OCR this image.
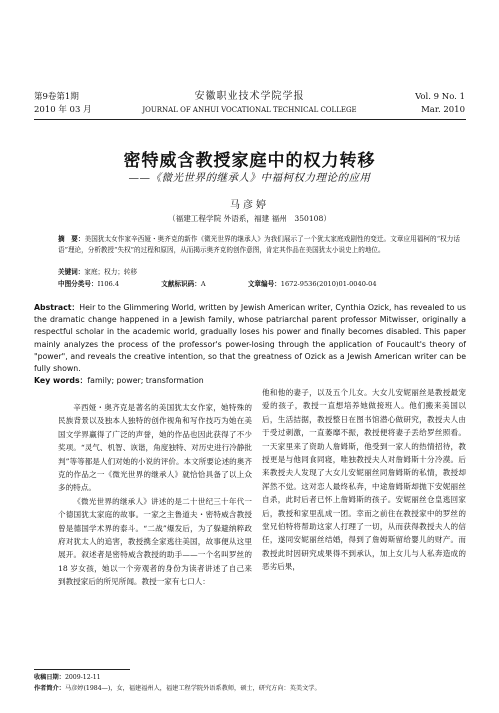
第9卷第1期
2010 年 03 月
安徽职业技术学院学报
JOURNAL OF ANHUI VOCATIONAL TECHNICAL COLLEGE
Vol. 9 No. 1
Mar. 2010
密特威含教授家庭中的权力转移
——《微光世界的继承人》中福柯权力理论的应用
马彦婷
（福建工程学院 外语系，福建 福州　350108）
摘　要：美国犹太女作家辛西娅・奥齐克的新作《微光世界的继承人》为我们展示了一个犹太家庭戏剧性的变迁。文章应用福柯的“权力话语”理论，分析教授“失权”的过程和原因，从而揭示奥齐克的创作意图，肯定其作品在美国犹太小说史上的地位。
关键词：家庭；权力；转移
中图分类号：I106.4	文献标识码：A	文章编号：1672-9536(2010)01-0040-04
Abstract：Heir to the Glimmering World, written by Jewish American writer, Cynthia Ozick, has revealed to us the dramatic change happened in a Jewish family, whose patriarchal parent professor Mitwisser, originally a respectful scholar in the academic world, gradually loses his power and finally becomes disabled. This paper mainly analyzes the process of the professor's power-losing through the application of Foucault's theory of "power", and reveals the creative intention, so that the greatness of Ozick as a Jewish American writer can be fully shown.
Key words：family; power; transformation

辛西娅・奥齐克是著名的美国犹太女作家，她特殊的民族背景以及独本人独特的创作视角和写作技巧为她在美国文学界赢得了广泛的声誉，她的作品也因此获得了不少奖项。“灵气、机智、诙谐，角度独特、对历史进行冷静批判”等等都是人们对她的小说的评价。本文所要论述的奥齐克的作品之一《微光世界的继承人》就恰恰具备了以上众多的特点。

《微光世界的继承人》讲述的是二十世纪三十年代一个德国犹太家庭的故事。一家之主鲁道夫・密特威含教授曾是德国学术界的泰斗。“二战”爆发后，为了躲避纳粹政府对犹太人的追害，教授携全家逃往美国，故事便从这里展开。叙述者是密特威含教授的助手——一个名叫罗丝的 18 岁女孩，她以一个旁观者的身份为读者讲述了自己来到教授家后的所见所闻。教授一家有七口人：

他和他的妻子，以及五个儿女。大女儿安妮丽丝是教授最宠爱的孩子，教授一直想培养她做接班人。他们搬来美国以后，生活拮据，教授整日在图书馆潜心做研究，教授夫人由于受过刺激，一直萎靡不振，教授便将妻子丢给罗丝照看。一天家里来了资助人詹姆斯，他受到一家人的热情招待，教授更是与他同食同寝，唯独教授夫人对詹姆斯十分冷漠。后来教授夫人发现了大女儿安妮丽丝同詹姆斯的私情，教授却浑然不觉。这对恋人最终私奔，中途詹姆斯却抛下安妮丽丝自杀，此时后者已怀上詹姆斯的孩子。安妮丽丝仓皇逃回家后，教授和家里乱成一团。幸而之前住在教授家中的罗丝的堂兄伯特将帮助这家人打理了一切，从而获得教授夫人的信任，遂同安妮丽丝结婚，得到了詹姆斯留给婴儿的财产。而教授此时因研究成果得不到承认，加上女儿与人私奔造成的恶劣后果，

收稿日期：2009-12-11
作者简介：马彦婷(1984—)，女，福建福州人，福建工程学院外语系教师，硕士，研究方向：英美文学。
